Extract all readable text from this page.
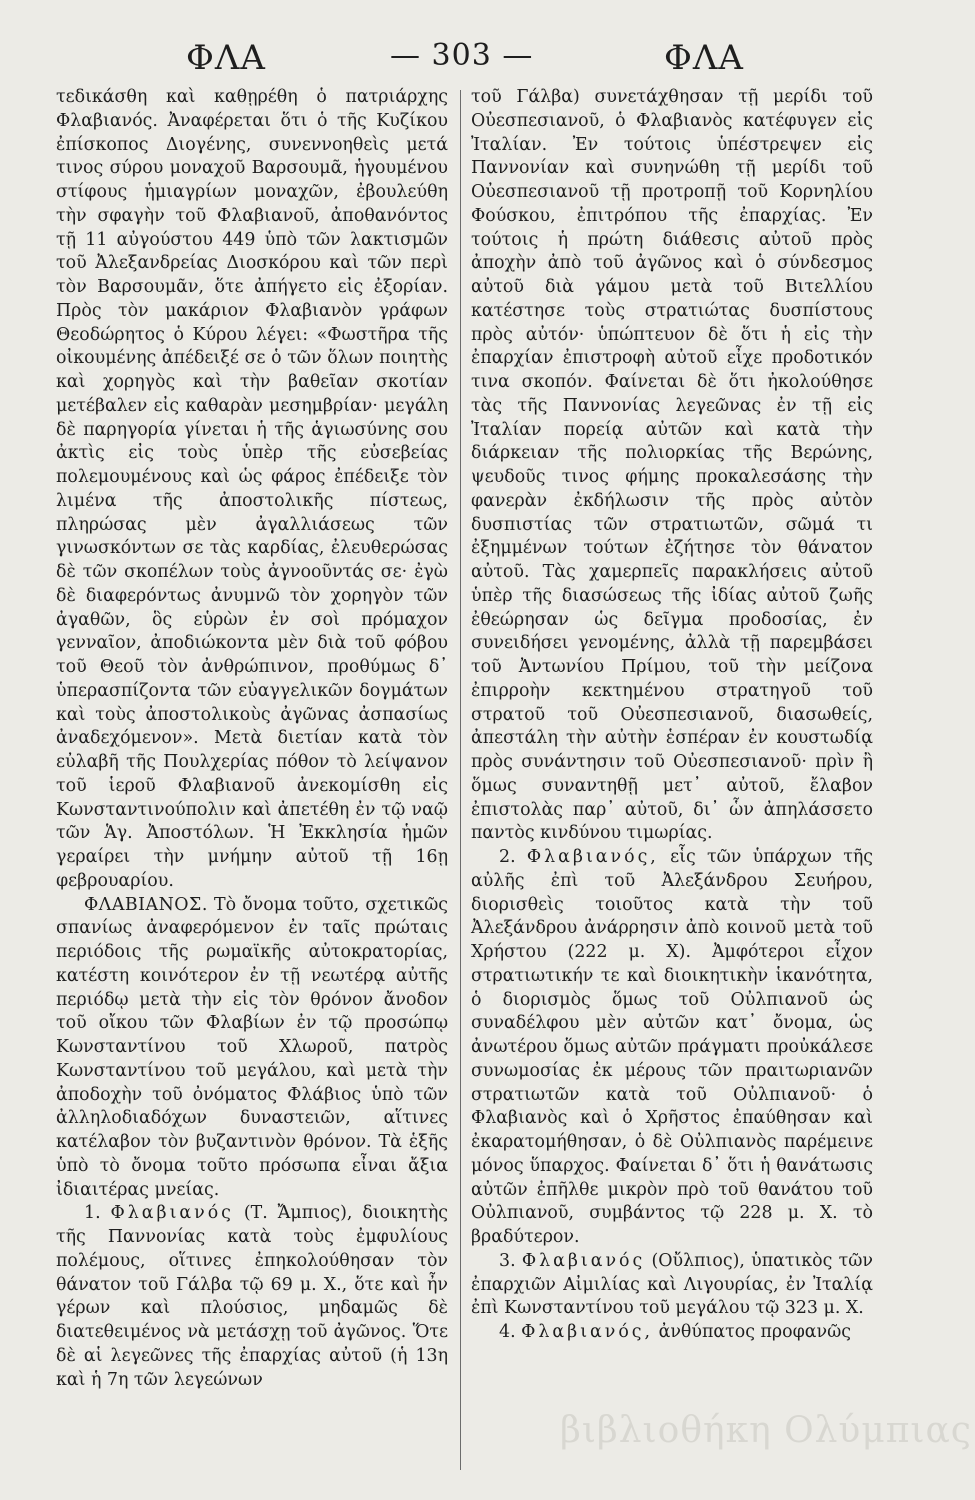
ΦΛΑ	— 303 —	ΦΛΑ

τεδικάσθη καὶ καθῃρέθη ὁ πατριάρχης Φλαβιανός. Ἀναφέρεται ὅτι ὁ τῆς Κυζίκου ἐπίσκοπος Διογένης, συνεννοηθεὶς μετά τινος σύρου μοναχοῦ Βαρσουμᾶ, ἡγουμένου στίφους ἡμιαγρίων μοναχῶν, ἐβουλεύθη τὴν σφαγὴν τοῦ Φλαβιανοῦ, ἀποθανόντος τῇ 11 αὐγούστου 449 ὑπὸ τῶν λακτισμῶν τοῦ Ἀλεξανδρείας Διοσκόρου καὶ τῶν περὶ τὸν Βαρσουμᾶν, ὅτε ἀπήγετο εἰς ἐξορίαν. Πρὸς τὸν μακάριον Φλαβιανὸν γράφων Θεοδώρητος ὁ Κύρου λέγει: «Φωστῆρα τῆς οἰκουμένης ἀπέδειξέ σε ὁ τῶν ὅλων ποιητὴς καὶ χορηγὸς καὶ τὴν βαθεῖαν σκοτίαν μετέβαλεν εἰς καθαρὰν μεσημβρίαν· μεγάλη δὲ παρηγορία γίνεται ἡ τῆς ἁγιωσύνης σου ἀκτὶς εἰς τοὺς ὑπὲρ τῆς εὐσεβείας πολεμουμένους καὶ ὡς φάρος ἐπέδειξε τὸν λιμένα τῆς ἀποστολικῆς πίστεως, πληρώσας μὲν ἀγαλλιάσεως τῶν γινωσκόντων σε τὰς καρδίας, ἐλευθερώσας δὲ τῶν σκοπέλων τοὺς ἀγνοοῦντάς σε· ἐγὼ δὲ διαφερόντως ἀνυμνῶ τὸν χορηγὸν τῶν ἀγαθῶν, ὃς εὑρὼν ἐν σοὶ πρόμαχον γενναῖον, ἀποδιώκοντα μὲν διὰ τοῦ φόβου τοῦ Θεοῦ τὸν ἀνθρώπινον, προθύμως δ᾽ ὑπερασπίζοντα τῶν εὐαγγελικῶν δογμάτων καὶ τοὺς ἀποστολικοὺς ἀγῶνας ἀσπασίως ἀναδεχόμενον». Μετὰ διετίαν κατὰ τὸν εὐλαβῆ τῆς Πουλχερίας πόθον τὸ λείψανον τοῦ ἱεροῦ Φλαβιανοῦ ἀνεκομίσθη εἰς Κωνσταντινούπολιν καὶ ἀπετέθη ἐν τῷ ναῷ τῶν Ἁγ. Ἀποστόλων. Ἡ Ἐκκλησία ἡμῶν γεραίρει τὴν μνήμην αὐτοῦ τῇ 16ῃ φεβρουαρίου.

ΦΛΑΒΙΑΝΟΣ. Τὸ ὄνομα τοῦτο, σχετικῶς σπανίως ἀναφερόμενον ἐν ταῖς πρώταις περιόδοις τῆς ρωμαϊκῆς αὐτοκρατορίας, κατέστη κοινότερον ἐν τῇ νεωτέρᾳ αὐτῆς περιόδῳ μετὰ τὴν εἰς τὸν θρόνον ἄνοδον τοῦ οἴκου τῶν Φλαβίων ἐν τῷ προσώπῳ Κωνσταντίνου τοῦ Χλωροῦ, πατρὸς Κωνσταντίνου τοῦ μεγάλου, καὶ μετὰ τὴν ἀποδοχὴν τοῦ ὀνόματος Φλάβιος ὑπὸ τῶν ἀλληλοδιαδόχων δυναστειῶν, αἵτινες κατέλαβον τὸν βυζαντινὸν θρόνον. Τὰ ἑξῆς ὑπὸ τὸ ὄνομα τοῦτο πρόσωπα εἶναι ἄξια ἰδιαιτέρας μνείας.

1. Φλαβιανός (Τ. Ἄμπιος), διοικητὴς τῆς Παννονίας κατὰ τοὺς ἐμφυλίους πολέμους, οἵτινες ἐπηκολούθησαν τὸν θάνατον τοῦ Γάλβα τῷ 69 μ. Χ., ὅτε καὶ ἦν γέρων καὶ πλούσιος, μηδαμῶς δὲ διατεθειμένος νὰ μετάσχῃ τοῦ ἀγῶνος. Ὅτε δὲ αἱ λεγεῶνες τῆς ἐπαρχίας αὐτοῦ (ἡ 13η καὶ ἡ 7η τῶν λεγεώνων

τοῦ Γάλβα) συνετάχθησαν τῇ μερίδι τοῦ Οὐεσπεσιανοῦ, ὁ Φλαβιανὸς κατέφυγεν εἰς Ἰταλίαν. Ἐν τούτοις ὑπέστρεψεν εἰς Παννονίαν καὶ συνηνώθη τῇ μερίδι τοῦ Οὐεσπεσιανοῦ τῇ προτροπῇ τοῦ Κορνηλίου Φούσκου, ἐπιτρόπου τῆς ἐπαρχίας. Ἐν τούτοις ἡ πρώτη διάθεσις αὐτοῦ πρὸς ἀποχὴν ἀπὸ τοῦ ἀγῶνος καὶ ὁ σύνδεσμος αὐτοῦ διὰ γάμου μετὰ τοῦ Βιτελλίου κατέστησε τοὺς στρατιώτας δυσπίστους πρὸς αὐτόν· ὑπώπτευον δὲ ὅτι ἡ εἰς τὴν ἐπαρχίαν ἐπιστροφὴ αὐτοῦ εἶχε προδοτικόν τινα σκοπόν. Φαίνεται δὲ ὅτι ἠκολούθησε τὰς τῆς Παννονίας λεγεῶνας ἐν τῇ εἰς Ἰταλίαν πορείᾳ αὐτῶν καὶ κατὰ τὴν διάρκειαν τῆς πολιορκίας τῆς Βερώνης, ψευδοῦς τινος φήμης προκαλεσάσης τὴν φανερὰν ἐκδήλωσιν τῆς πρὸς αὐτὸν δυσπιστίας τῶν στρατιωτῶν, σῶμά τι ἐξημμένων τούτων ἐζήτησε τὸν θάνατον αὐτοῦ. Τὰς χαμερπεῖς παρακλήσεις αὐτοῦ ὑπὲρ τῆς διασώσεως τῆς ἰδίας αὐτοῦ ζωῆς ἐθεώρησαν ὡς δεῖγμα προδοσίας, ἐν συνειδήσει γενομένης, ἀλλὰ τῇ παρεμβάσει τοῦ Ἀντωνίου Πρίμου, τοῦ τὴν μείζονα ἐπιρροὴν κεκτημένου στρατηγοῦ τοῦ στρατοῦ τοῦ Οὐεσπεσιανοῦ, διασωθείς, ἀπεστάλη τὴν αὐτὴν ἑσπέραν ἐν κουστωδίᾳ πρὸς συνάντησιν τοῦ Οὐεσπεσιανοῦ· πρὶν ἢ ὅμως συναντηθῇ μετ᾽ αὐτοῦ, ἔλαβον ἐπιστολὰς παρ᾽ αὐτοῦ, δι᾽ ὧν ἀπηλάσσετο παντὸς κινδύνου τιμωρίας.

2. Φλαβιανός, εἷς τῶν ὑπάρχων τῆς αὐλῆς ἐπὶ τοῦ Ἀλεξάνδρου Σευήρου, διορισθεὶς τοιοῦτος κατὰ τὴν τοῦ Ἀλεξάνδρου ἀνάρρησιν ἀπὸ κοινοῦ μετὰ τοῦ Χρήστου (222 μ. Χ). Ἀμφότεροι εἶχον στρατιωτικήν τε καὶ διοικητικὴν ἱκανότητα, ὁ διορισμὸς ὅμως τοῦ Οὐλπιανοῦ ὡς συναδέλφου μὲν αὐτῶν κατ᾽ ὄνομα, ὡς ἀνωτέρου ὅμως αὐτῶν πράγματι προὐκάλεσε συνωμοσίας ἐκ μέρους τῶν πραιτωριανῶν στρατιωτῶν κατὰ τοῦ Οὐλπιανοῦ· ὁ Φλαβιανὸς καὶ ὁ Χρῆστος ἐπαύθησαν καὶ ἐκαρατομήθησαν, ὁ δὲ Οὐλπιανὸς παρέμεινε μόνος ὕπαρχος. Φαίνεται δ᾽ ὅτι ἡ θανάτωσις αὐτῶν ἐπῆλθε μικρὸν πρὸ τοῦ θανάτου τοῦ Οὐλπιανοῦ, συμβάντος τῷ 228 μ. Χ. τὸ βραδύτερον.

3. Φλαβιανός (Οὔλπιος), ὑπατικὸς τῶν ἐπαρχιῶν Αἰμιλίας καὶ Λιγουρίας, ἐν Ἰταλίᾳ ἐπὶ Κωνσταντίνου τοῦ μεγάλου τῷ 323 μ. Χ.

4. Φλαβιανός, ἀνθύπατος προφανῶς

βιβλιοθήκη Ολύμπιας
